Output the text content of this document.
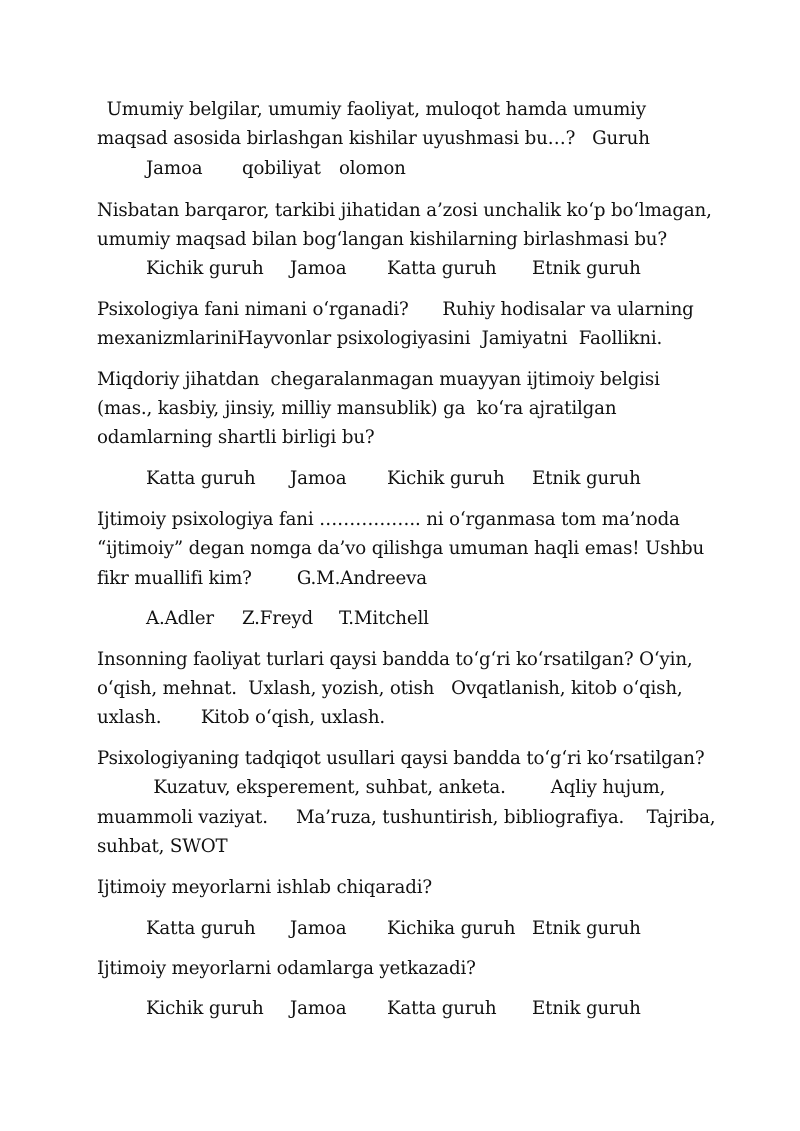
Umumiy belgilar, umumiy faoliyat, muloqot hamda umumiy
maqsad asosida birlashgan kishilar uyushmasi bu…?   Guruh
Jamoa qobiliyat olomon
Nisbatan barqaror, tarkibi jihatidan a’zosi unchalik ko‘p bo‘lmagan,
umumiy maqsad bilan bog‘langan kishilarning birlashmasi bu?
Kichik guruh Jamoa Katta guruh Etnik guruh
Psixologiya fani nimani o‘rganadi?      Ruhiy hodisalar va ularning
mexanizmlariniHayvonlar psixologiyasini  Jamiyatni  Faollikni.
Miqdoriy jihatdan  chegaralanmagan muayyan ijtimoiy belgisi
(mas., kasbiy, jinsiy, milliy mansublik) ga  ko‘ra ajratilgan
odamlarning shartli birligi bu?
Katta guruh Jamoa Kichik guruh Etnik guruh
Ijtimoiy psixologiya fani …………….. ni o‘rganmasa tom ma’noda
“ijtimoiy” degan nomga da’vo qilishga umuman haqli emas! Ushbu
fikr muallifi kim?        G.M.Andreeva
A.Adler Z.Freyd T.Mitchell
Insonning faoliyat turlari qaysi bandda to‘g‘ri ko‘rsatilgan? O‘yin,
o‘qish, mehnat.  Uxlash, yozish, otish   Ovqatlanish, kitob o‘qish,
uxlash.       Kitob o‘qish, uxlash.
Psixologiyaning tadqiqot usullari qaysi bandda to‘g‘ri ko‘rsatilgan?
Kuzatuv, eksperement, suhbat, anketa.        Aqliy hujum,
muammoli vaziyat.     Ma’ruza, tushuntirish, bibliografiya.    Tajriba,
suhbat, SWOT
Ijtimoiy meyorlarni ishlab chiqaradi?
Katta guruh Jamoa Kichika guruh Etnik guruh
Ijtimoiy meyorlarni odamlarga yetkazadi?
Kichik guruh Jamoa Katta guruh Etnik guruh
